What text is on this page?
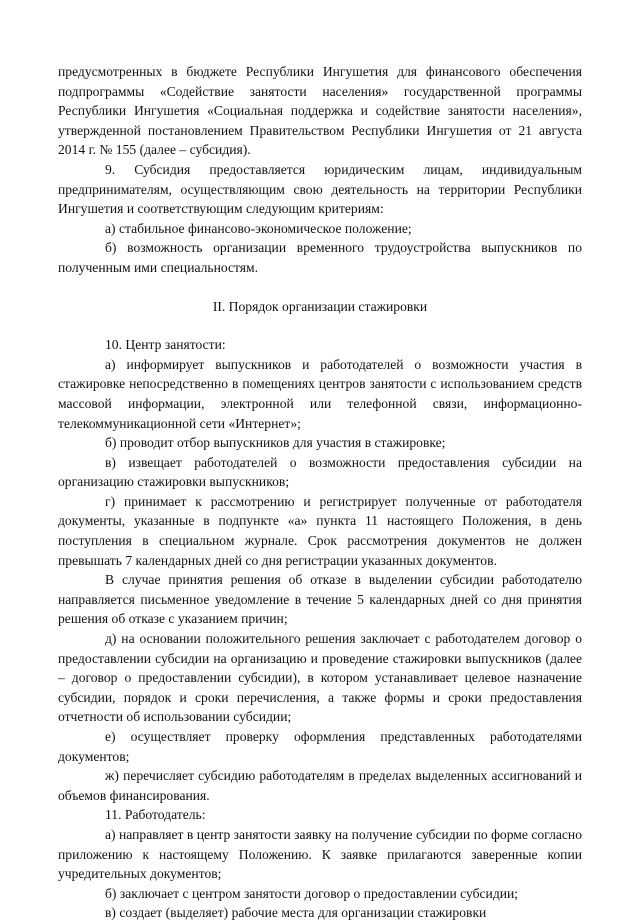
предусмотренных в бюджете Республики Ингушетия для финансового обеспечения подпрограммы «Содействие занятости населения» государственной программы Республики Ингушетия «Социальная поддержка и содействие занятости населения», утвержденной постановлением Правительством Республики Ингушетия от 21 августа 2014 г. № 155 (далее – субсидия).

9. Субсидия предоставляется юридическим лицам, индивидуальным предпринимателям, осуществляющим свою деятельность на территории Республики Ингушетия и соответствующим следующим критериям:

а) стабильное финансово-экономическое положение;

б) возможность организации временного трудоустройства выпускников по полученным ими специальностям.

II. Порядок организации стажировки

10. Центр занятости:

а) информирует выпускников и работодателей о возможности участия в стажировке непосредственно в помещениях центров занятости с использованием средств массовой информации, электронной или телефонной связи, информационно-телекоммуникационной сети «Интернет»;

б) проводит отбор выпускников для участия в стажировке;

в) извещает работодателей о возможности предоставления субсидии на организацию стажировки выпускников;

г) принимает к рассмотрению и регистрирует полученные от работодателя документы, указанные в подпункте «а» пункта 11 настоящего Положения, в день поступления в специальном журнале. Срок рассмотрения документов не должен превышать 7 календарных дней со дня регистрации указанных документов.

В случае принятия решения об отказе в выделении субсидии работодателю направляется письменное уведомление в течение 5 календарных дней со дня принятия решения об отказе с указанием причин;

д) на основании положительного решения заключает с работодателем договор о предоставлении субсидии на организацию и проведение стажировки выпускников (далее – договор о предоставлении субсидии), в котором устанавливает целевое назначение субсидии, порядок и сроки перечисления, а также формы и сроки предоставления отчетности об использовании субсидии;

е) осуществляет проверку оформления представленных работодателями документов;

ж) перечисляет субсидию работодателям в пределах выделенных ассигнований и объемов финансирования.

11. Работодатель:

а) направляет в центр занятости заявку на получение субсидии по форме согласно приложению к настоящему Положению. К заявке прилагаются заверенные копии учредительных документов;

б) заключает с центром занятости договор о предоставлении субсидии;

в) создает (выделяет) рабочие места для организации стажировки
